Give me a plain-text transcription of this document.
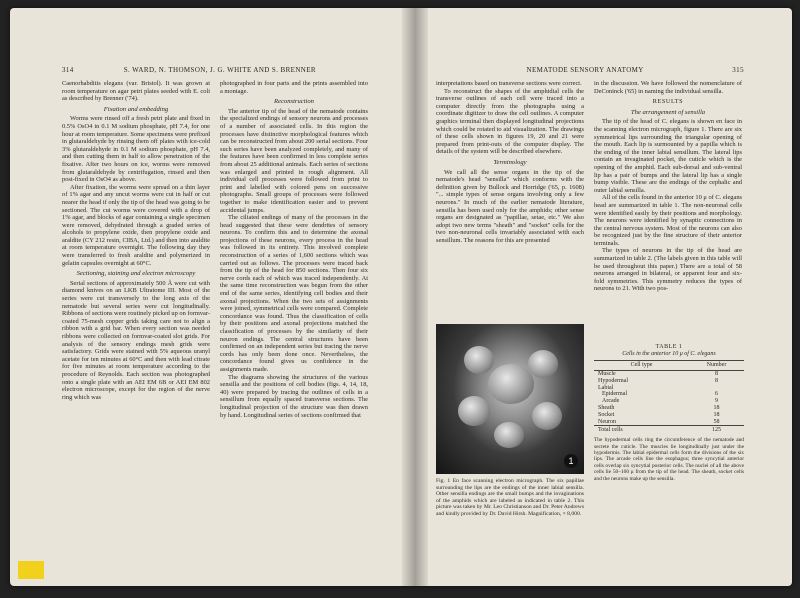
314	S. WARD, N. THOMSON, J. G. WHITE AND S. BRENNER

Caenorhabditis elegans (var. Bristol). It was grown at room temperature on agar petri plates seeded with E. coli as described by Brenner ('74).

Fixation and embedding

Worms were rinsed off a fresh petri plate and fixed in 0.5% OsO4 in 0.1 M sodium phosphate, pH 7.4, for one hour at room temperature. Some specimens were prefixed in glutaraldehyde by rinsing them off plates with ice-cold 3% glutaraldehyde in 0.1 M sodium phosphate, pH 7.4, and then cutting them in half to allow penetration of the fixative. After two hours on ice, worms were removed from glutaraldehyde by centrifugation, rinsed and then post-fixed in OsO4 as above.

After fixation, the worms were spread on a thin layer of 1% agar and any uncut worms were cut in half or cut nearer the head if only the tip of the head was going to be sectioned. The cut worms were covered with a drop of 1% agar, and blocks of agar containing a single specimen were removed, dehydrated through a graded series of alcohols to propylene oxide, then propylene oxide and araldite (CY 212 resin, CIBA, Ltd.) and then into araldite at room temperature overnight. The following day they were transferred to fresh araldite and polymerized in gelatin capsules overnight at 60°C.

Sectioning, staining and electron microscopy

Serial sections of approximately 500 Å were cut with diamond knives on an LKB Ultratome III. Most of the series were cut transversely to the long axis of the nematode but several series were cut longitudinally. Ribbons of sections were routinely picked up on formvar-coated 75-mesh copper grids taking care not to align a ribbon with a grid bar. When every section was needed ribbons were collected on formvar-coated slot grids. For analysis of the sensory endings mesh grids were satisfactory. Grids were stained with 5% aqueous uranyl acetate for ten minutes at 60°C and then with lead citrate for five minutes at room temperature according to the procedure of Reynolds. Each section was photographed onto a single plate with an AEI EM 6B or AEI EM 802 electron microscope, except for the region of the nerve ring which was

photographed in four parts and the prints assembled into a montage.

Reconstruction

The anterior tip of the head of the nematode contains the specialized endings of sensory neurons and processes of a number of associated cells. In this region the processes have distinctive morphological features which can be reconstructed from about 200 serial sections. Four such series have been analyzed completely, and many of the features have been confirmed in less complete series from about 25 additional animals. Each series of sections was enlarged and printed in rough alignment. All individual cell processes were followed from print to print and labelled with colored pens on successive photographs. Small groups of processes were followed together to make identification easier and to prevent accidental jumps.

The ciliated endings of many of the processes in the head suggested that these were dendrites of sensory neurons. To confirm this and to determine the axonal projections of these neurons, every process in the head was followed in its entirety. This involved complete reconstruction of a series of 1,600 sections which was carried out as follows. The processes were traced back from the tip of the head for 850 sections. Then four six nerve cords each of which was traced independently. At the same time reconstruction was begun from the other end of the same series, identifying cell bodies and their axonal projections. When the two sets of assignments were joined, symmetrical cells were compared. Complete concordance was found. Thus the classification of cells by their positions and axonal projections matched the classification of processes by the similarity of their neuron endings. The central structures have been confirmed on an independent series but tracing the nerve cords has only been done once. Nevertheless, the concordance found gives us confidence in the assignments made.

The diagrams showing the structures of the various sensilla and the positions of cell bodies (figs. 4, 14, 18, 40) were prepared by tracing the outlines of cells in a sensillum from equally spaced transverse sections. The longitudinal projection of the structure was then drawn by hand. Longitudinal series of sections confirmed that

NEMATODE SENSORY ANATOMY	315

interpretations based on transverse sections were correct.

To reconstruct the shapes of the amphidial cells the transverse outlines of each cell were traced into a computer directly from the photographs using a coordinate digitizer to draw the cell outlines. A computer graphics terminal then displayed longitudinal projections which could be rotated to aid visualization. The drawings of these cells shown in figures 19, 20 and 21 were prepared from print-outs of the computer display. The details of the system will be described elsewhere.

Terminology

We call all the sense organs in the tip of the nematode's head "sensilla" which conforms with the definition given by Bullock and Horridge ('65, p. 1608) "... simple types of sense organs involving only a few neurons." In much of the earlier nematode literature, sensilla has been used only for the amphids; other sense organs are designated as "papillae, setae, etc." We also adopt two new terms "sheath" and "socket" cells for the two non-neuronal cells invariably associated with each sensillum. The reasons for this are presented

1
Fig. 1 En face scanning electron micrograph. The six papillae surrounding the lips are the endings of the inner labial sensilla. Other sensilla endings are the small bumps and the invaginations of the amphids which are labeled as indicated in table 2. This picture was taken by Mr. Leo Christianson and Dr. Peter Andrews and kindly provided by Dr. David Hirsh. Magnification, × 8,000.

in the discussion. We have followed the nomenclature of DeConinck ('65) in naming the individual sensilla.

RESULTS
The arrangement of sensilla

The tip of the head of C. elegans is shown en face in the scanning electron micrograph, figure 1. There are six symmetrical lips surrounding the triangular opening of the mouth. Each lip is surmounted by a papilla which is the ending of the inner labial sensillum. The lateral lips contain an invaginated pocket, the cuticle which is the opening of the amphid. Each sub-dorsal and sub-ventral lip has a pair of bumps and the lateral lip has a single bump visible. These are the endings of the cephalic and outer labial sensilla.

All of the cells found in the anterior 10 μ of C. elegans head are summarized in table 1. The non-neuronal cells were identified easily by their positions and morphology. The neurons were identified by synaptic connections in the central nervous system. Most of the neurons can also be recognized just by the fine structure of their anterior terminals.

The types of neurons in the tip of the head are summarized in table 2. (The labels given in this table will be used throughout this paper.) There are a total of 58 neurons arranged in bilateral, or apparent four and six-fold symmetries. This symmetry reduces the types of neurons to 21. With two pos-

TABLE 1
Cells in the anterior 10 μ of C. elegans
Cell type	Number
Muscle	8
Hypodermal	8
Labial	
Epidermal	6
Arcade	9
Sheath	18
Socket	18
Neuron	58
Total cells	125
The hypodermal cells ring the circumference of the nematode and secrete the cuticle. The muscles lie longitudinally just under the hypodermis. The labial epidermal cells form the divisions of the six lips. The arcade cells line the esophagus; three syncytial anterior cells overlap six syncytial posterior cells. The nuclei of all the above cells lie 50–100 μ from the tip of the head. The sheath, socket cells and the neurons make up the sensilla.
